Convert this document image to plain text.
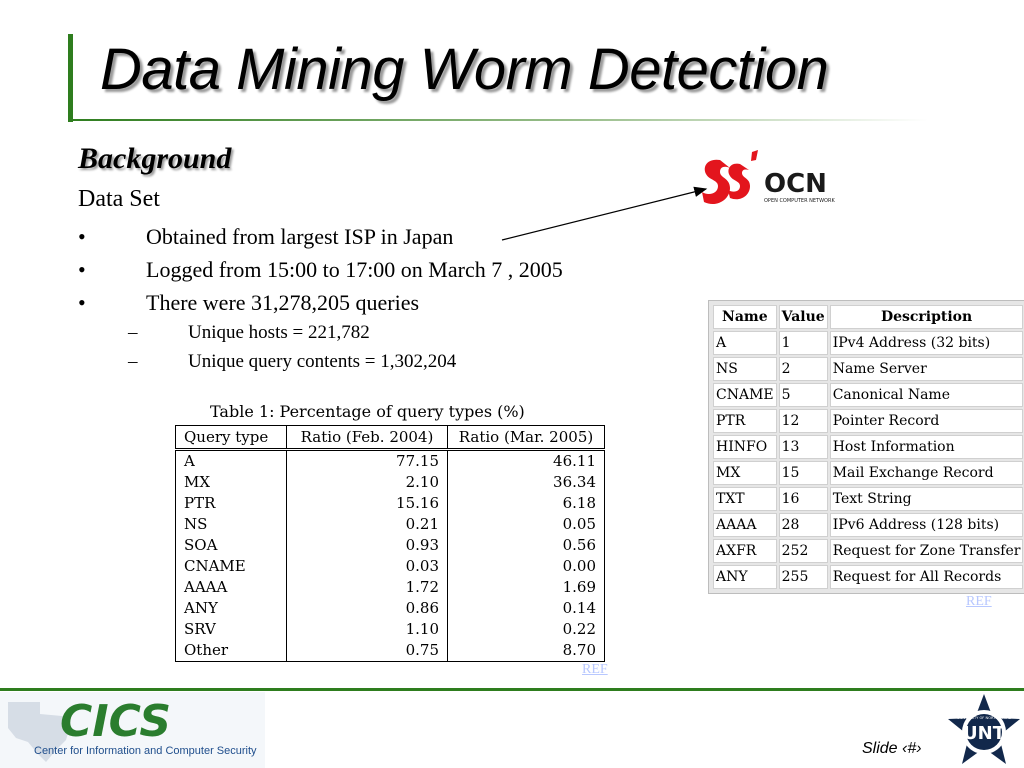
Data Mining Worm Detection
Background
Data Set
•	Obtained from largest ISP in Japan
•	Logged from 15:00 to 17:00 on March 7 , 2005
•	There were 31,278,205 queries
–	Unique hosts = 221,782
–	Unique query contents = 1,302,204
OCN
OPEN COMPUTER NETWORK
Table 1: Percentage of query types (%)
Query type	Ratio (Feb. 2004)	Ratio (Mar. 2005)
A	77.15	46.11
MX	2.10	36.34
PTR	15.16	6.18
NS	0.21	0.05
SOA	0.93	0.56
CNAME	0.03	0.00
AAAA	1.72	1.69
ANY	0.86	0.14
SRV	1.10	0.22
Other	0.75	8.70
REF
Name	Value	Description
A	1	IPv4 Address (32 bits)
NS	2	Name Server
CNAME	5	Canonical Name
PTR	12	Pointer Record
HINFO	13	Host Information
MX	15	Mail Exchange Record
TXT	16	Text String
AAAA	28	IPv6 Address (128 bits)
AXFR	252	Request for Zone Transfer
ANY	255	Request for All Records
REF
CICS
Center for Information and Computer Security	Slide ‹#›
UNT
UNIVERSITY OF NORTH TEXAS
